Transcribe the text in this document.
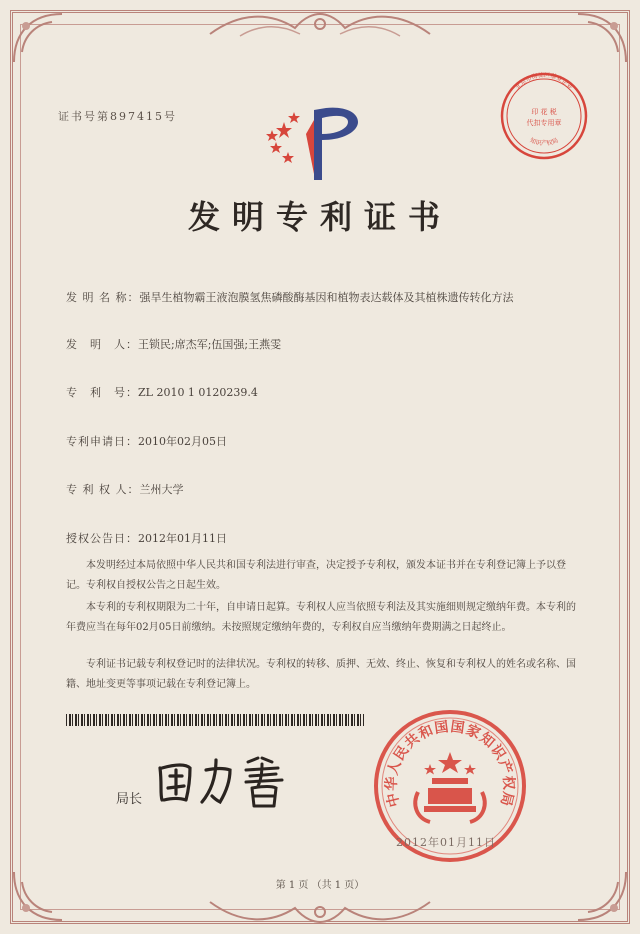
证书号第897415号
发明专利证书
发 明 名 称：强旱生植物霸王液泡膜氢焦磷酸酶基因和植物表达载体及其植株遗传转化方法
发　明　人：王锁民;席杰军;伍国强;王燕雯
专　利　号：ZL 2010 1 0120239.4
专利申请日：2010年02月05日
专 利 权 人：兰州大学
授权公告日：2012年01月11日

本发明经过本局依照中华人民共和国专利法进行审查，决定授予专利权，颁发本证书并在专利登记簿上予以登记。专利权自授权公告之日起生效。

本专利的专利权期限为二十年，自申请日起算。专利权人应当依照专利法及其实施细则规定缴纳年费。本专利的年费应当在每年02月05日前缴纳。未按照规定缴纳年费的，专利权自应当缴纳年费期满之日起终止。

专利证书记载专利权登记时的法律状况。专利权的转移、质押、无效、终止、恢复和专利权人的姓名或名称、国籍、地址变更等事项记载在专利登记簿上。

局长	中华人民共和国国家知识产权局
2012年01月11日
北京市海淀区基业企业
知识产权局
印 花 税
代扣专用章
第 1 页 （共 1 页）
